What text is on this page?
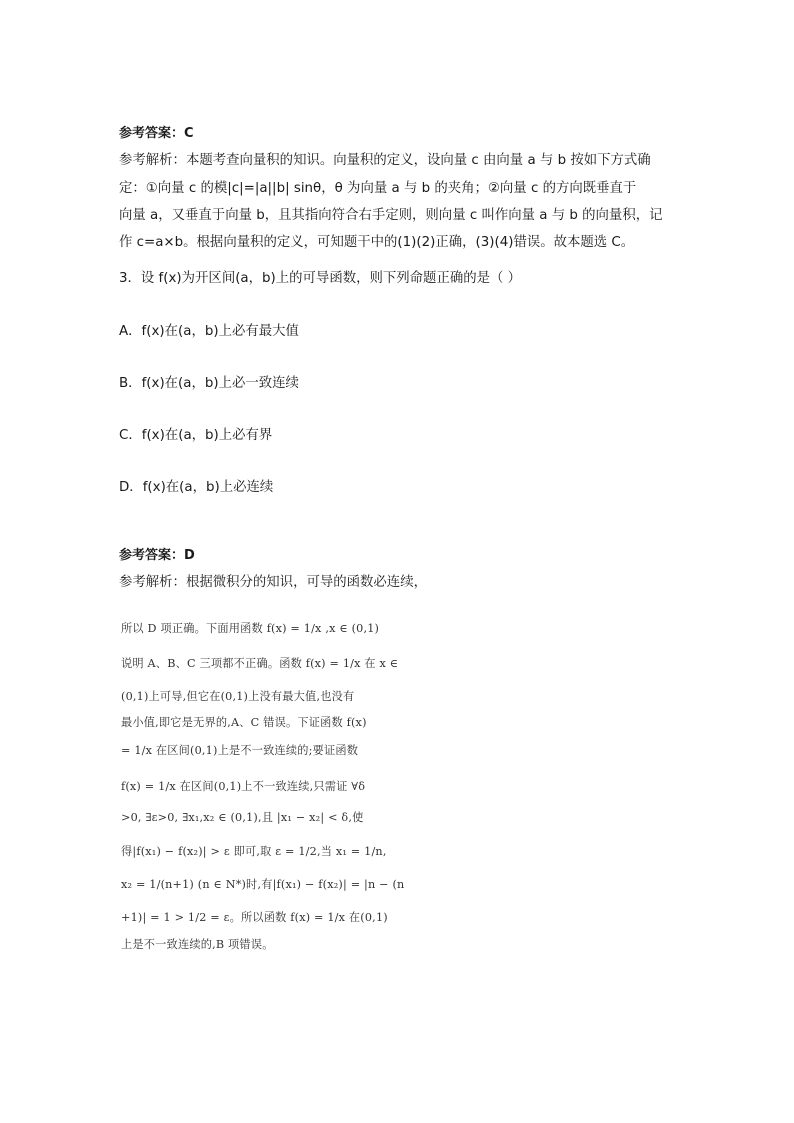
参考答案：C
参考解析：本题考查向量积的知识。向量积的定义，设向量 c 由向量 a 与 b 按如下方式确
定：①向量 c 的模|c|=|a||b| sinθ，θ 为向量 a 与 b 的夹角；②向量 c 的方向既垂直于
向量 a，又垂直于向量 b，且其指向符合右手定则，则向量 c 叫作向量 a 与 b 的向量积，记
作 c=a×b。根据向量积的定义，可知题干中的(1)(2)正确，(3)(4)错误。故本题选 C。
3．设 f(x)为开区间(a，b)上的可导函数，则下列命题正确的是（ ）
A．f(x)在(a，b)上必有最大值
B．f(x)在(a，b)上必一致连续
C．f(x)在(a，b)上必有界
D．f(x)在(a，b)上必连续
参考答案：D
参考解析：根据微积分的知识，可导的函数必连续，
所以 D 项正确。下面用函数 f(x) = 1/x ,x ∈ (0,1)
说明 A、B、C 三项都不正确。函数 f(x) = 1/x 在 x ∈
(0,1)上可导,但它在(0,1)上没有最大值,也没有
最小值,即它是无界的,A、C 错误。下证函数 f(x)
= 1/x 在区间(0,1)上是不一致连续的;要证函数
f(x) = 1/x 在区间(0,1)上不一致连续,只需证 ∀δ
>0, ∃ε>0, ∃x₁,x₂ ∈ (0,1),且 |x₁ − x₂| < δ,使
得|f(x₁) − f(x₂)| > ε 即可,取 ε = 1/2,当 x₁ = 1/n,
x₂ = 1/(n+1) (n ∈ N*)时,有|f(x₁) − f(x₂)| = |n − (n
+1)| = 1 > 1/2 = ε。所以函数 f(x) = 1/x 在(0,1)
上是不一致连续的,B 项错误。
